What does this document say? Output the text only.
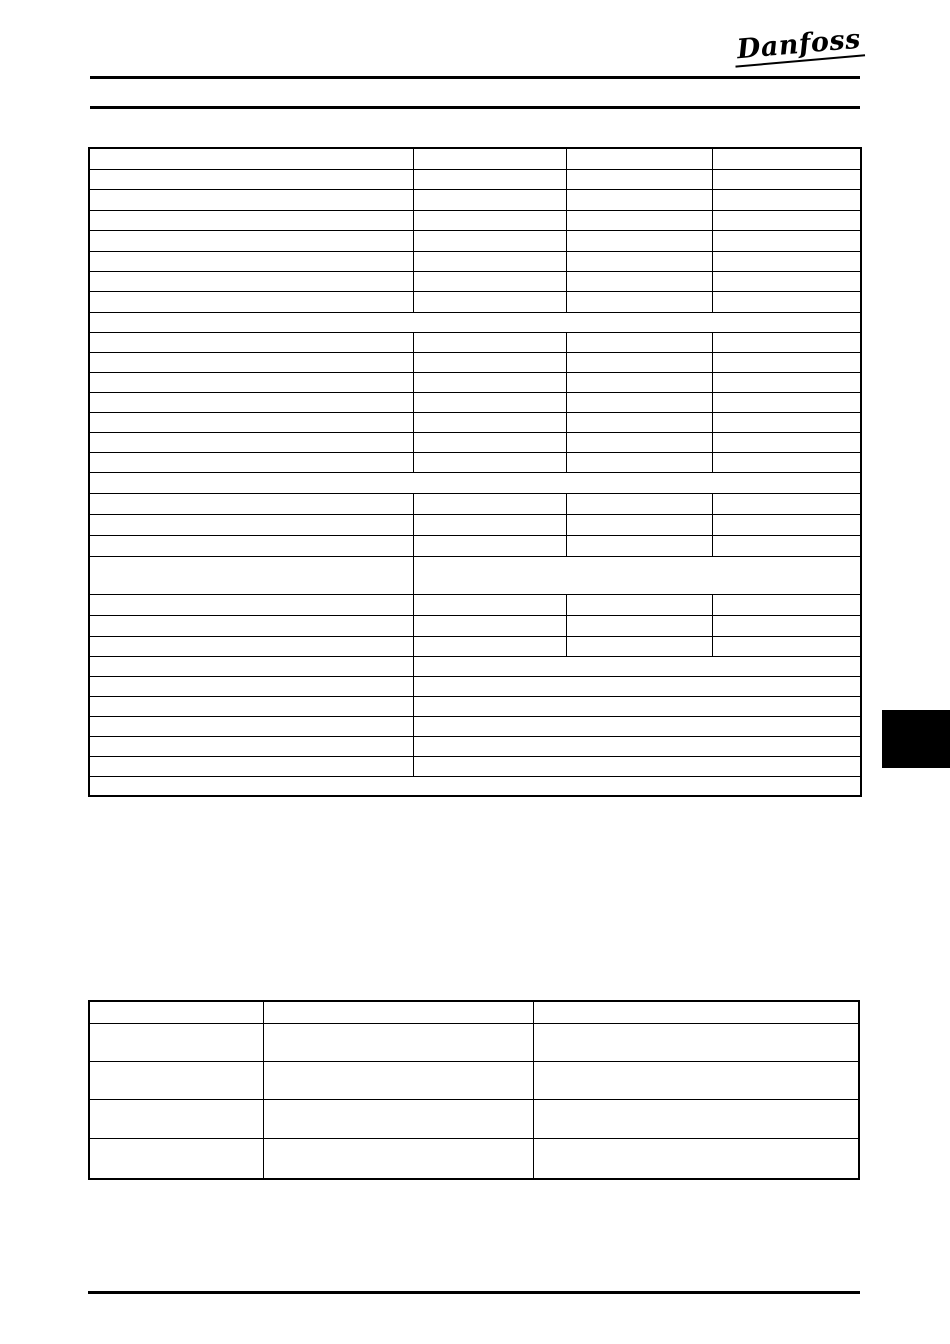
Danfoss
